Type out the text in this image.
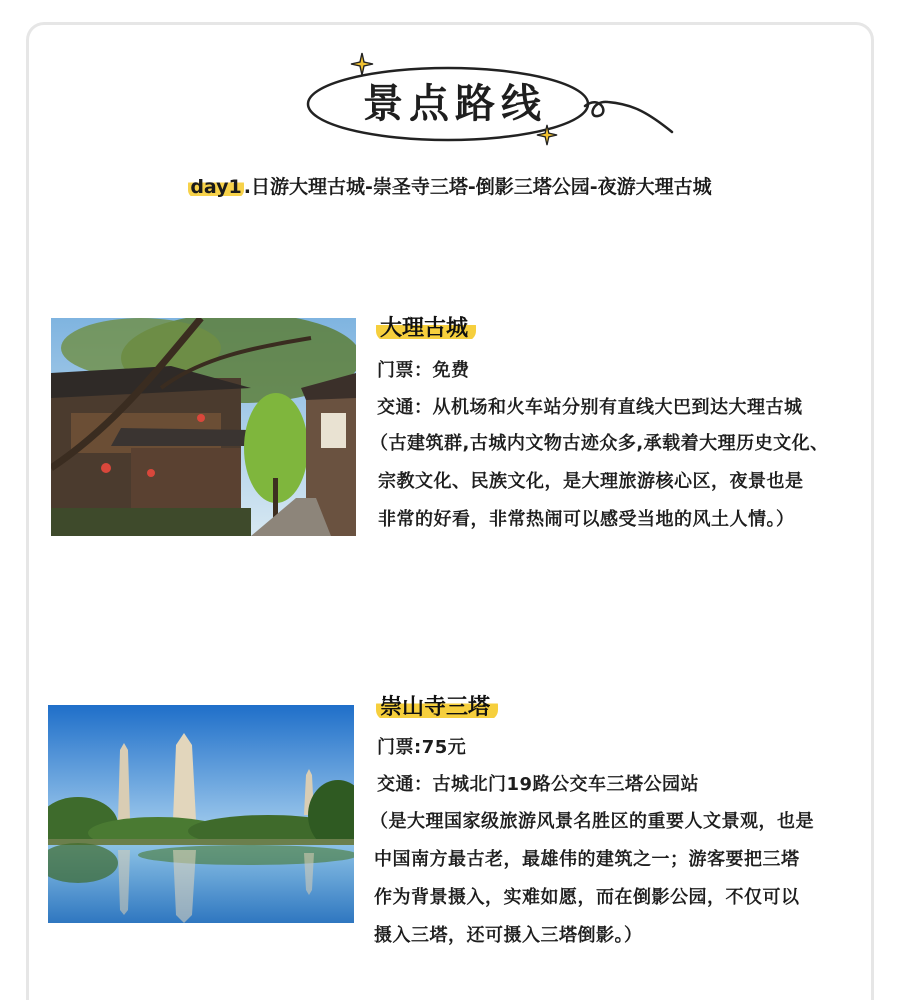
景点路线
day1 .日游大理古城-崇圣寺三塔-倒影三塔公园-夜游大理古城
大理古城
门票：免费
交通：从机场和火车站分别有直线大巴到达大理古城
（古建筑群,古城内文物古迹众多,承载着大理历史文化、
宗教文化、民族文化，是大理旅游核心区，夜景也是
非常的好看，非常热闹可以感受当地的风土人情。）
崇山寺三塔
门票:75元
交通：古城北门19路公交车三塔公园站
（是大理国家级旅游风景名胜区的重要人文景观，也是
中国南方最古老，最雄伟的建筑之一；游客要把三塔
作为背景摄入，实难如愿，而在倒影公园，不仅可以
摄入三塔，还可摄入三塔倒影。）
